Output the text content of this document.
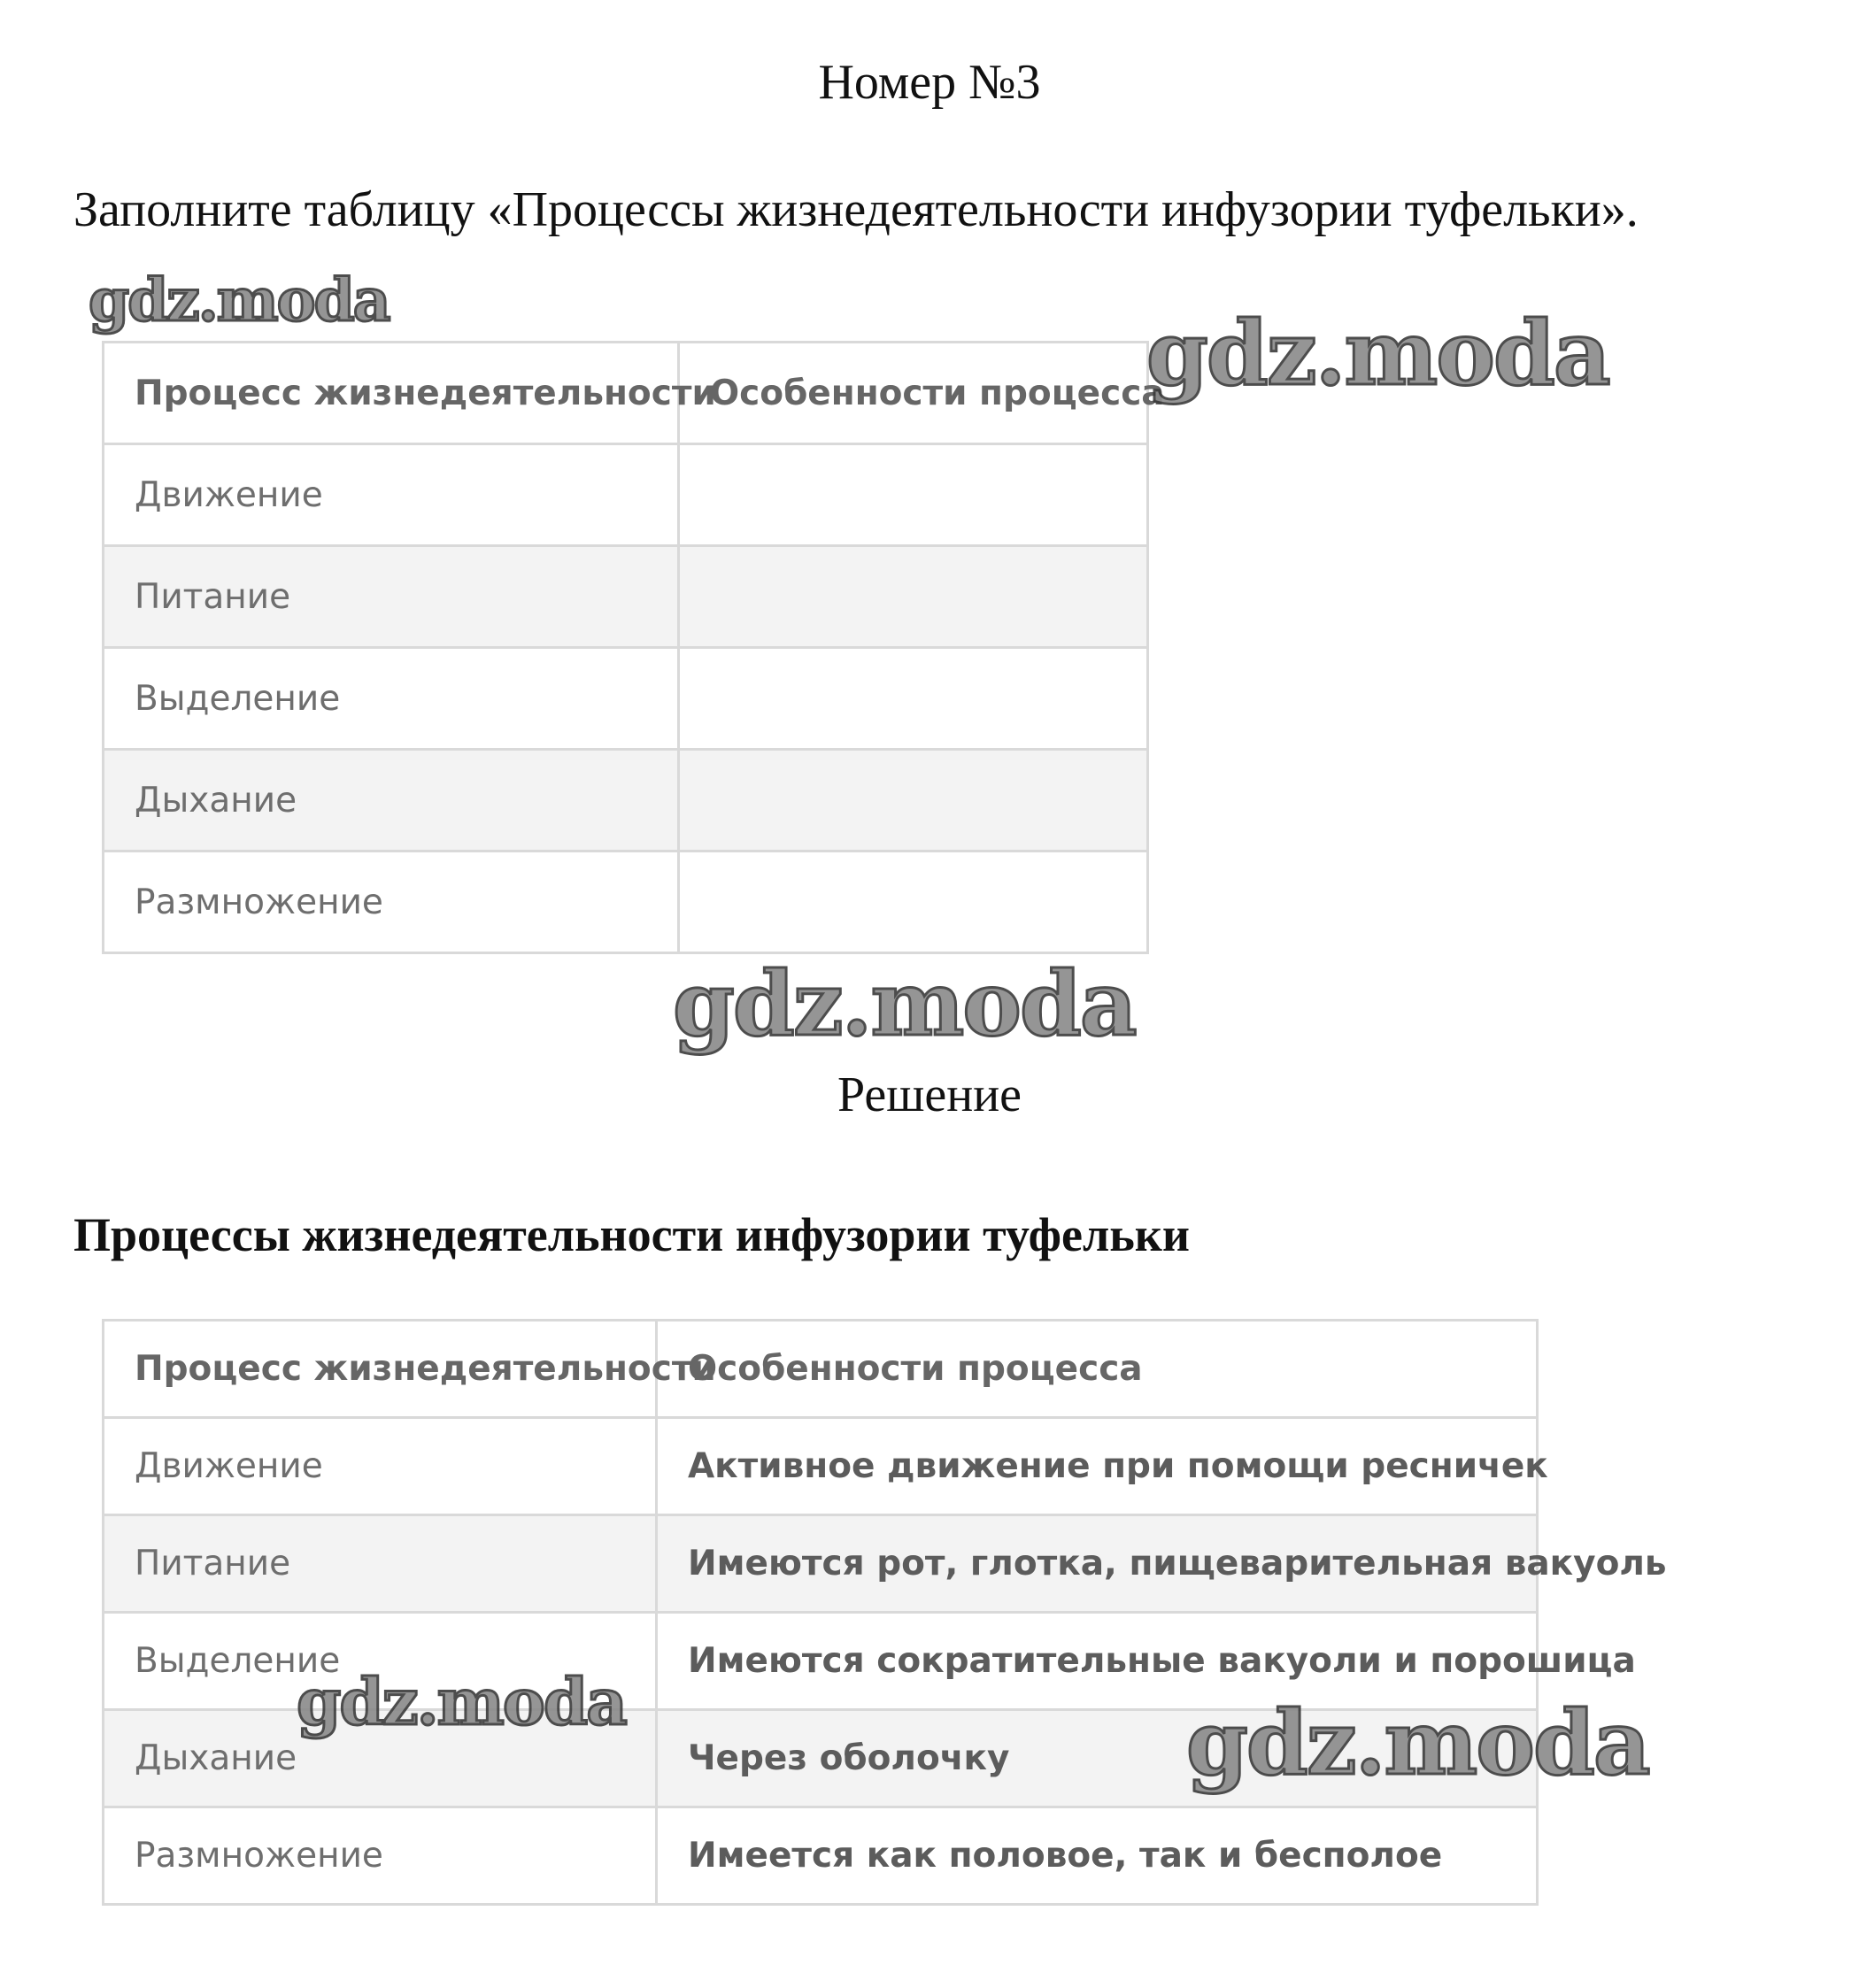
Номер №3
Заполните таблицу «Процессы жизнедеятельности инфузории туфельки».
Процесс жизнедеятельности	Особенности процесса
Движение	
Питание	
Выделение	
Дыхание	
Размножение	
Решение
Процессы жизнедеятельности инфузории туфельки
Процесс жизнедеятельности	Особенности процесса
Движение	Активное движение при помощи ресничек
Питание	Имеются рот, глотка, пищеварительная вакуоль
Выделение	Имеются сократительные вакуоли и порошица
Дыхание	Через оболочку
Размножение	Имеется как половое, так и бесполое
gdz.moda
gdz.moda
gdz.moda
gdz.moda	gdz.moda
